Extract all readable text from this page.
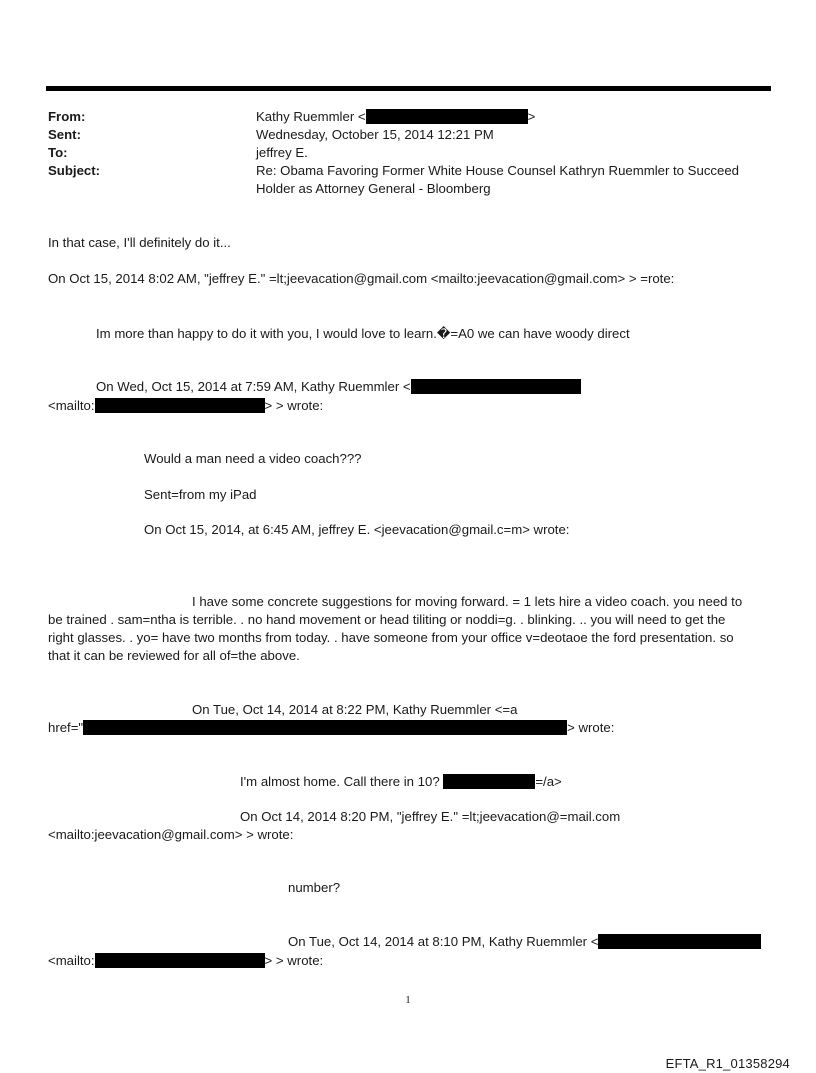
From:	Kathy Ruemmler <	>
Sent:	Wednesday, October 15, 2014 12:21 PM
To:	jeffrey E.
Subject:	Re: Obama Favoring Former White House Counsel Kathryn Ruemmler to Succeed
Holder as Attorney General - Bloomberg
In that case, I'll definitely do it...
On Oct 15, 2014 8:02 AM, "jeffrey E." =lt;jeevacation@gmail.com <mailto:jeevacation@gmail.com> > =rote:
Im more than happy to do it with you, I would love to learn.�=A0 we can have woody direct
On Wed, Oct 15, 2014 at 7:59 AM, Kathy Ruemmler <
<mailto:	> > wrote:
Would a man need a video coach???
Sent=from my iPad
On Oct 15, 2014, at 6:45 AM, jeffrey E. <jeevacation@gmail.c=m> wrote:
I have some concrete suggestions for moving forward. = 1 lets hire a video coach. you need to
be trained . sam=ntha is terrible. . no hand movement or head tiliting or noddi=g. . blinking. .. you will need to get the
right glasses. . yo= have two months from today. . have someone from your office v=deotaoe the ford presentation. so
that it can be reviewed for all of=the above.
On Tue, Oct 14, 2014 at 8:22 PM, Kathy Ruemmler <=a
href="	> wrote:
I'm almost home. Call there in 10?	=/a>
On Oct 14, 2014 8:20 PM, "jeffrey E." =lt;jeevacation@=mail.com
<mailto:jeevacation@gmail.com> > wrote:
number?
On Tue, Oct 14, 2014 at 8:10 PM, Kathy Ruemmler <
<mailto:	> > wrote:
1
EFTA_R1_01358294
